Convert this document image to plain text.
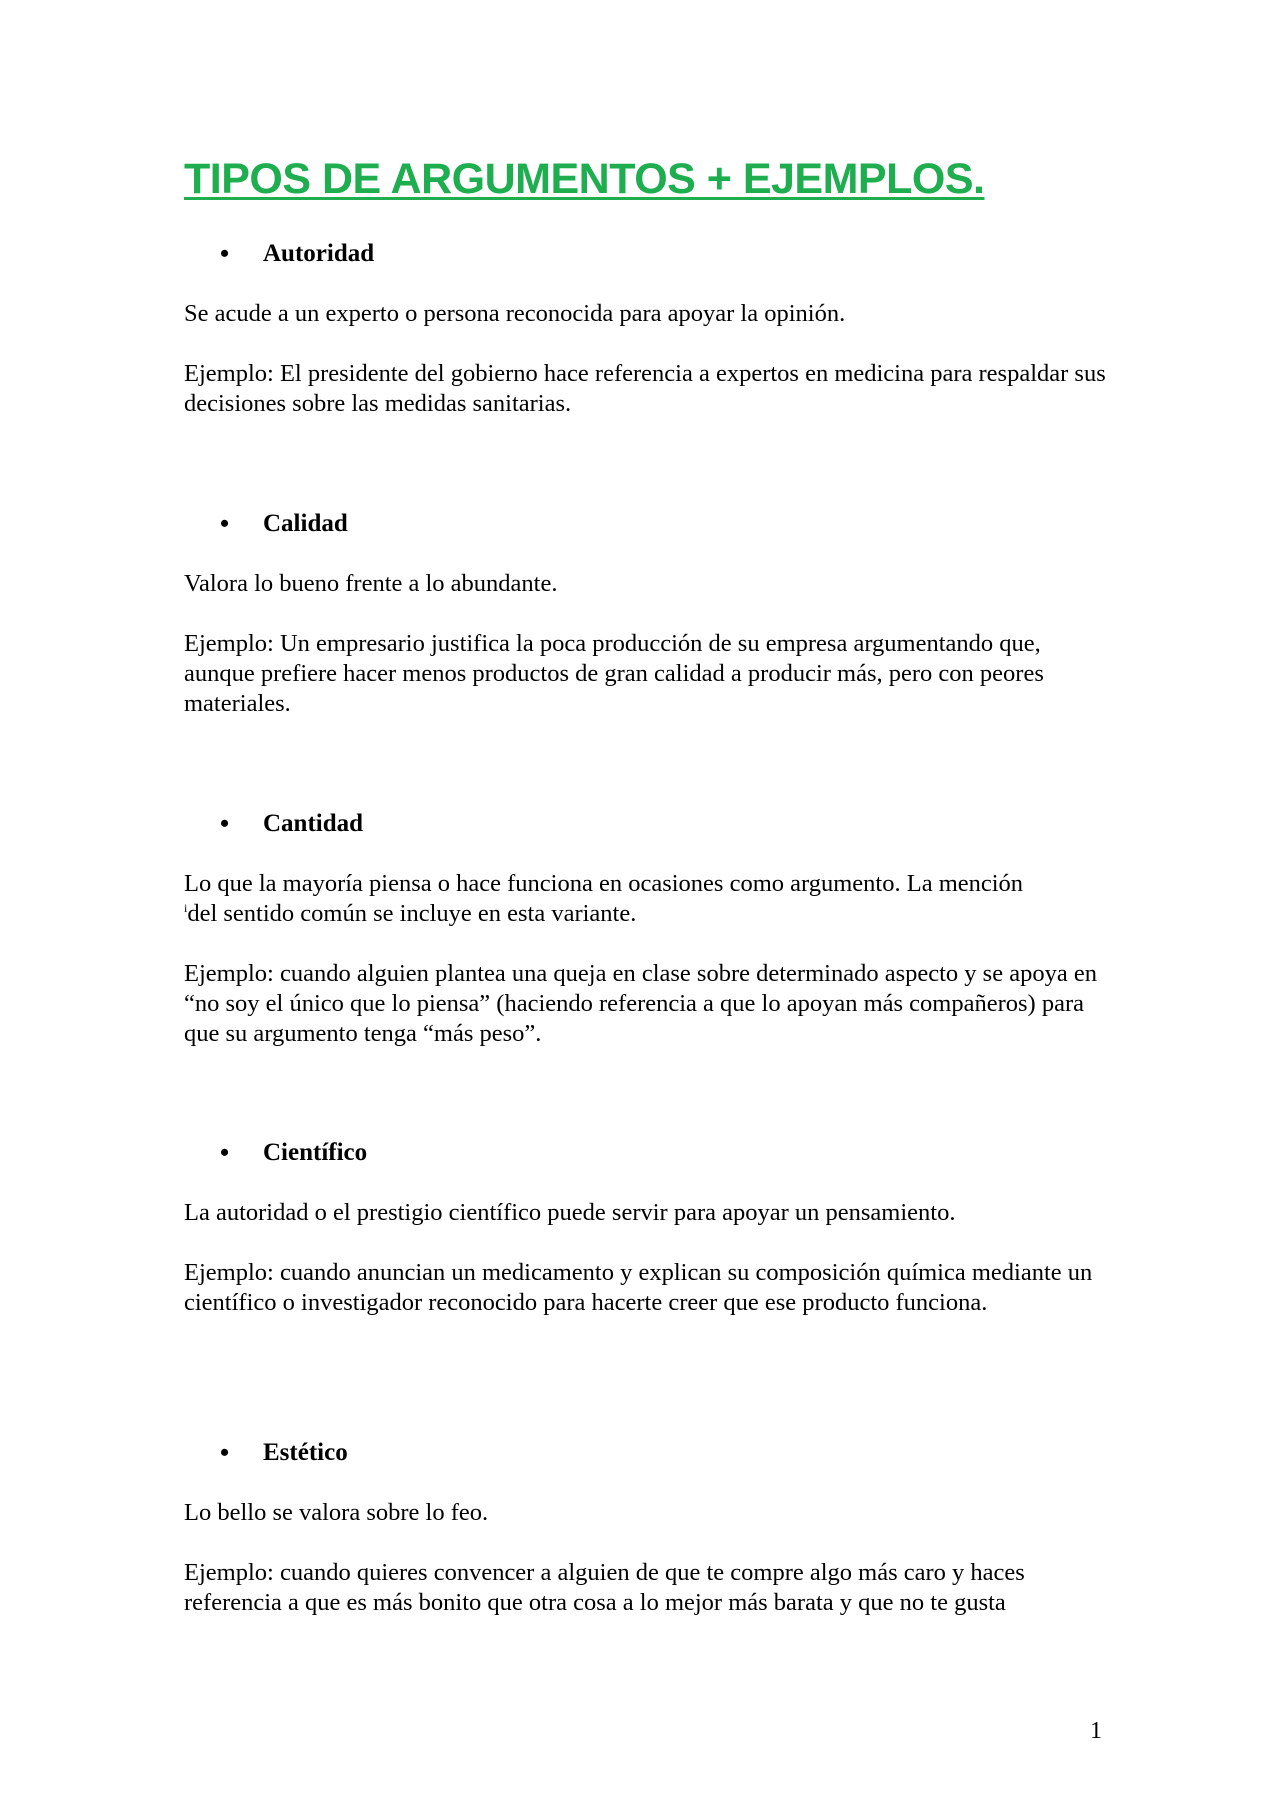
TIPOS DE ARGUMENTOS + EJEMPLOS.
• Autoridad

Se acude a un experto o persona reconocida para apoyar la opinión.

Ejemplo: El presidente del gobierno hace referencia a expertos en medicina para respaldar sus decisiones sobre las medidas sanitarias.

• Calidad

Valora lo bueno frente a lo abundante.

Ejemplo: Un empresario justifica la poca producción de su empresa argumentando que, aunque prefiere hacer menos productos de gran calidad a producir más, pero con peores materiales.

• Cantidad

Lo que la mayoría piensa o hace funciona en ocasiones como argumento. La mención
$^i$del sentido común se incluye en esta variante.

Ejemplo: cuando alguien plantea una queja en clase sobre determinado aspecto y se apoya en “no soy el único que lo piensa” (haciendo referencia a que lo apoyan más compañeros) para que su argumento tenga “más peso”.

• Científico

La autoridad o el prestigio científico puede servir para apoyar un pensamiento.

Ejemplo: cuando anuncian un medicamento y explican su composición química mediante un científico o investigador reconocido para hacerte creer que ese producto funciona.

• Estético

Lo bello se valora sobre lo feo.

Ejemplo: cuando quieres convencer a alguien de que te compre algo más caro y haces referencia a que es más bonito que otra cosa a lo mejor más barata y que no te gusta

1
